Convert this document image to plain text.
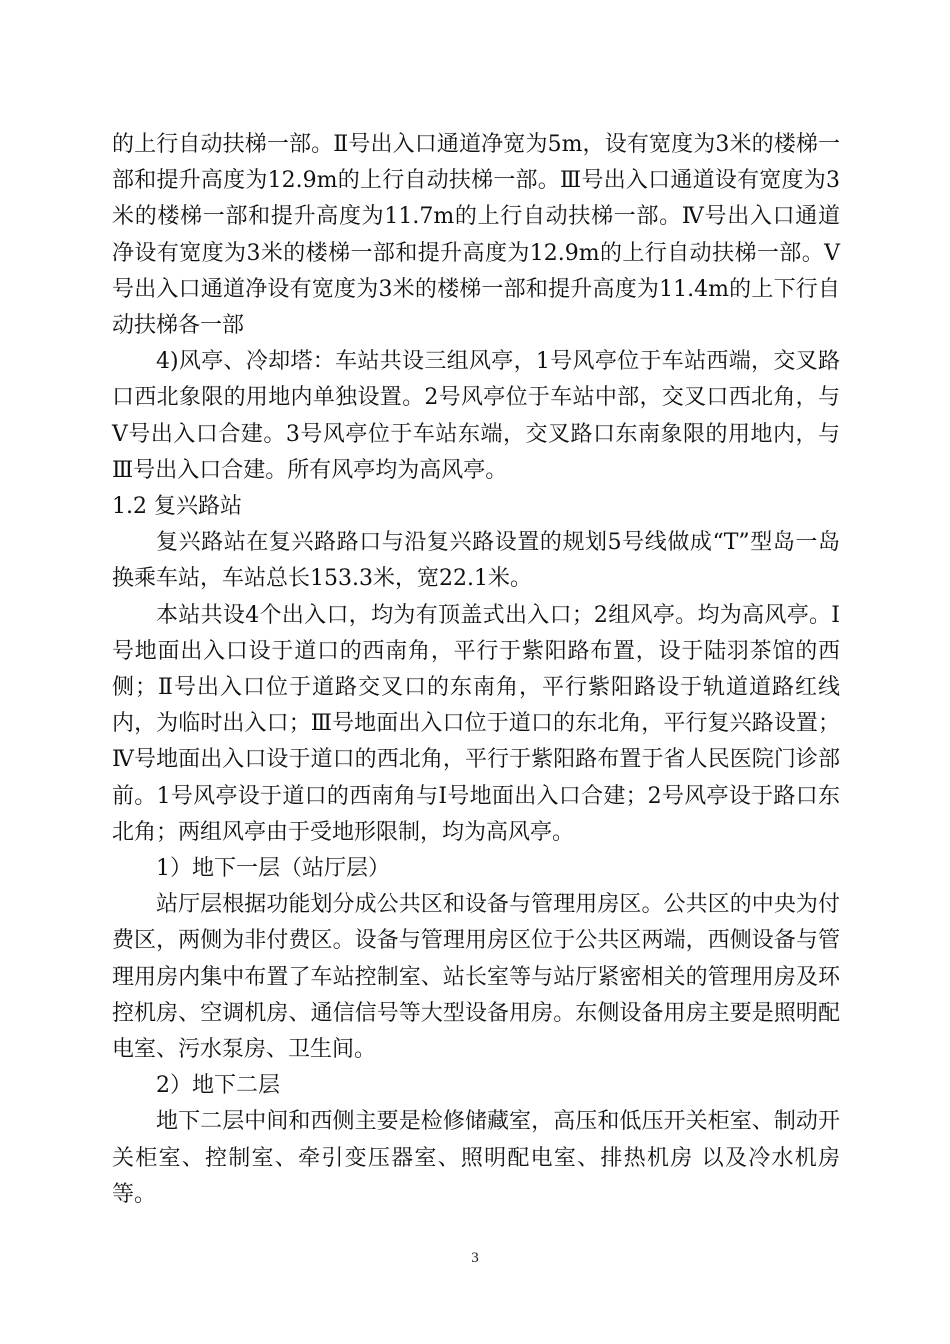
的上行自动扶梯一部。Ⅱ号出入口通道净宽为5m，设有宽度为3米的楼梯一部和提升高度为12.9m的上行自动扶梯一部。Ⅲ号出入口通道设有宽度为3米的楼梯一部和提升高度为11.7m的上行自动扶梯一部。Ⅳ号出入口通道净设有宽度为3米的楼梯一部和提升高度为12.9m的上行自动扶梯一部。Ⅴ号出入口通道净设有宽度为3米的楼梯一部和提升高度为11.4m的上下行自动扶梯各一部

4)风亭、冷却塔：车站共设三组风亭，1号风亭位于车站西端，交叉路口西北象限的用地内单独设置。2号风亭位于车站中部，交叉口西北角，与Ⅴ号出入口合建。3号风亭位于车站东端，交叉路口东南象限的用地内，与Ⅲ号出入口合建。所有风亭均为高风亭。

1.2 复兴路站

复兴路站在复兴路路口与沿复兴路设置的规划5号线做成“T”型岛一岛换乘车站，车站总长153.3米，宽22.1米。

本站共设4个出入口，均为有顶盖式出入口；2组风亭。均为高风亭。Ⅰ号地面出入口设于道口的西南角，平行于紫阳路布置，设于陆羽茶馆的西侧；Ⅱ号出入口位于道路交叉口的东南角，平行紫阳路设于轨道道路红线内，为临时出入口；Ⅲ号地面出入口位于道口的东北角，平行复兴路设置；Ⅳ号地面出入口设于道口的西北角，平行于紫阳路布置于省人民医院门诊部前。1号风亭设于道口的西南角与Ⅰ号地面出入口合建；2号风亭设于路口东北角；两组风亭由于受地形限制，均为高风亭。

1）地下一层（站厅层）

站厅层根据功能划分成公共区和设备与管理用房区。公共区的中央为付费区，两侧为非付费区。设备与管理用房区位于公共区两端，西侧设备与管理用房内集中布置了车站控制室、站长室等与站厅紧密相关的管理用房及环控机房、空调机房、通信信号等大型设备用房。东侧设备用房主要是照明配电室、污水泵房、卫生间。

2）地下二层

地下二层中间和西侧主要是检修储藏室，高压和低压开关柜室、制动开关柜室、控制室、牵引变压器室、照明配电室、排热机房 以及冷水机房等。

3
